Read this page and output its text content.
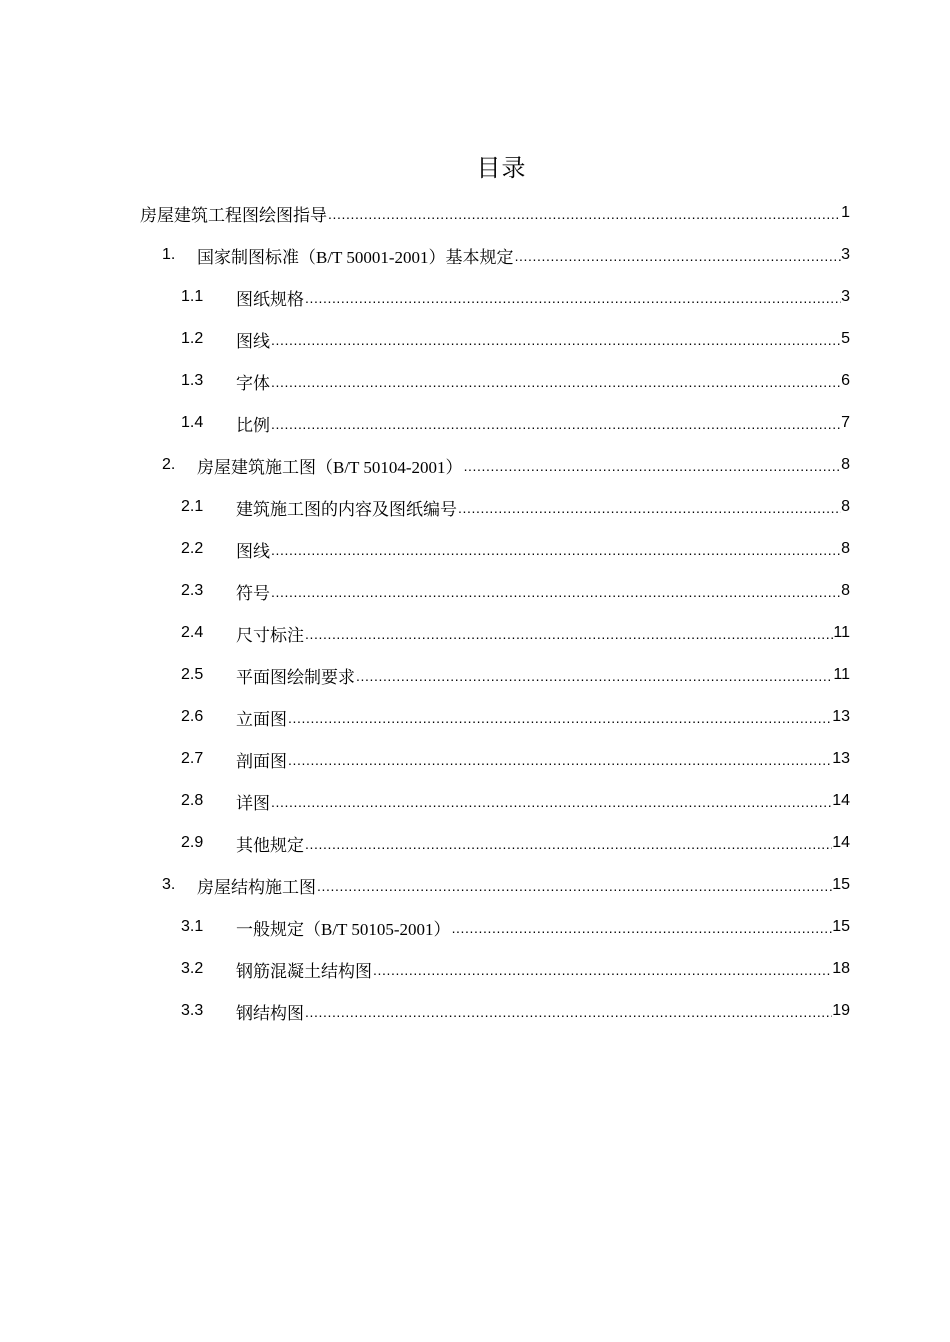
目录
房屋建筑工程图绘图指导 .....	1
1.	国家制图标准（B/T 50001-2001）基本规定 .....	3
1.1	图纸规格 .....	3
1.2	图线 .....	5
1.3	字体 .....	6
1.4	比例 .....	7
2.	房屋建筑施工图（B/T 50104-2001） .....	8
2.1	建筑施工图的内容及图纸编号 .....	8
2.2	图线 .....	8
2.3	符号 .....	8
2.4	尺寸标注 .....	11
2.5	平面图绘制要求 .....	11
2.6	立面图 .....	13
2.7	剖面图 .....	13
2.8	详图 .....	14
2.9	其他规定 .....	14
3.	房屋结构施工图 .....	15
3.1	一般规定（B/T 50105-2001） .....	15
3.2	钢筋混凝土结构图 .....	18
3.3	钢结构图 .....	19
